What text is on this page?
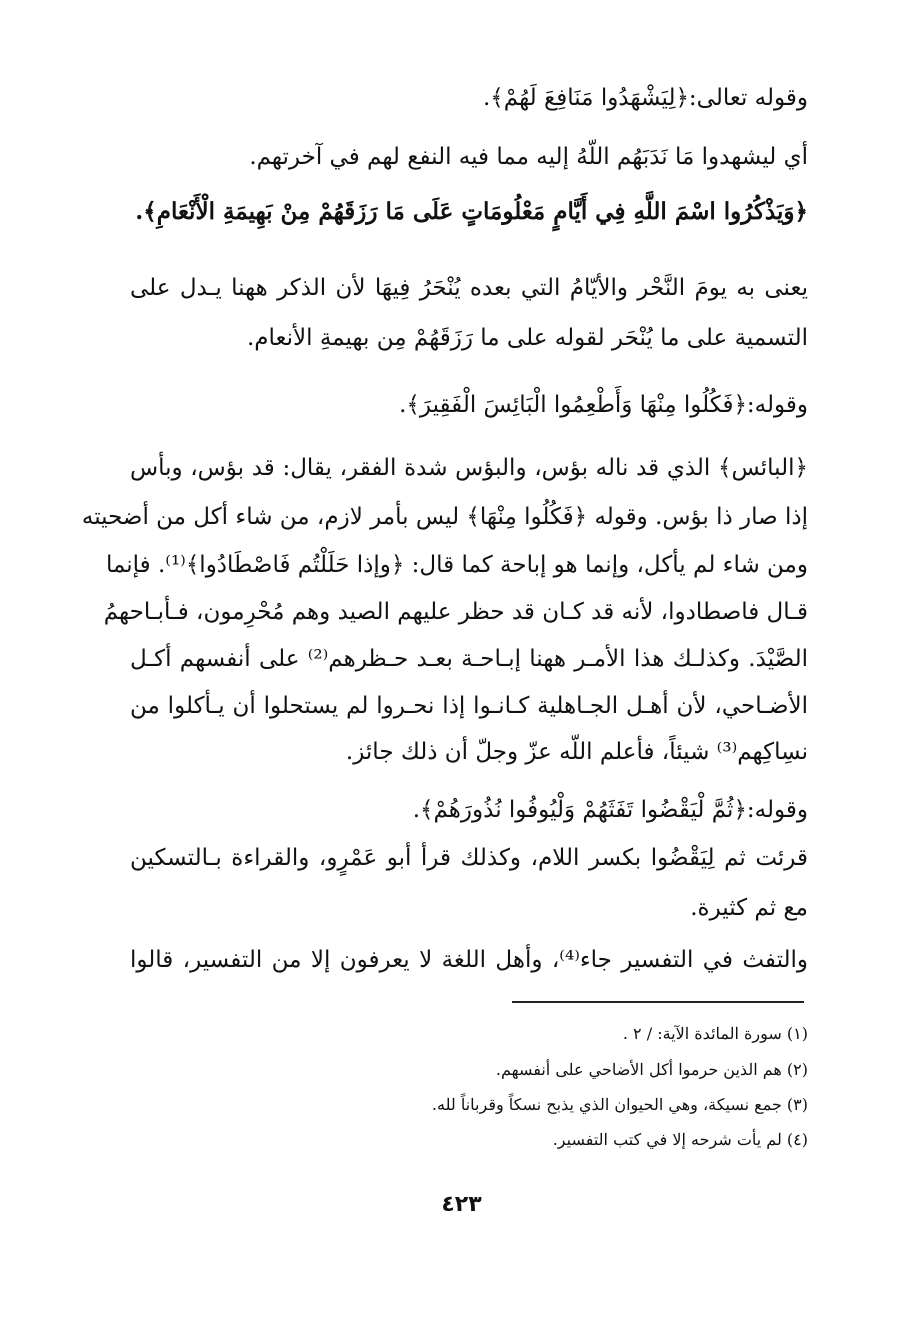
وقوله تعالى:﴿لِيَشْهَدُوا مَنَافِعَ لَهُمْ﴾.

أي ليشهدوا مَا نَدَبَهُم اللّهُ إليه مما فيه النفع لهم في آخرتهم.

﴿وَيَذْكُرُوا اسْمَ اللَّهِ فِي أَيَّامٍ مَعْلُومَاتٍ عَلَى مَا رَزَقَهُمْ مِنْ بَهِيمَةِ الْأَنْعَامِ﴾.

يعنى به يومَ النَّحْر والأيّامُ التي بعده يُنْحَرُ فِيهَا لأن الذكر ههنا يـدل على

التسمية على ما يُنْحَر لقوله على ما رَزَقَهُمْ مِن بهيمةِ الأنعام.

وقوله:﴿فَكُلُوا مِنْهَا وَأَطْعِمُوا الْبَائِسَ الْفَقِيرَ﴾.

﴿البائس﴾ الذي قد ناله بؤس، والبؤس شدة الفقر، يقال: قد بؤس، وبأس

إذا صار ذا بؤس. وقوله ﴿فَكُلُوا مِنْهَا﴾ ليس بأمر لازم، من شاء أكل من أضحيته

ومن شاء لم يأكل، وإنما هو إباحة كما قال: ﴿وإذا حَلَلْتُم فَاصْطَادُوا﴾⁽¹⁾. فإنما

قـال فاصطادوا، لأنه قد كـان قد حظر عليهم الصيد وهم مُحْرِمون، فـأبـاحهمُ

الصَّيْدَ. وكذلـك هذا الأمـر ههنا إبـاحـة بعـد حـظرهم⁽²⁾ على أنفسهم أكـل

الأضـاحي، لأن أهـل الجـاهلية كـانـوا إذا نحـروا لم يستحلوا أن يـأكلوا من

نسِاكِهم⁽³⁾ شيئاً، فأعلم اللّه عزّ وجلّ أن ذلك جائز.

وقوله:﴿ثُمَّ لْيَقْضُوا تَفَثَهُمْ وَلْيُوفُوا نُذُورَهُمْ﴾.

قرئت ثم لِيَقْضُوا بكسر اللام، وكذلك قرأ أبو عَمْرٍو، والقراءة بـالتسكين

مع ثم كثيرة.

والتفث في التفسير جاء⁽⁴⁾، وأهل اللغة لا يعرفون إلا من التفسير، قالوا

(١) سورة المائدة الآية: / ٢ .
(٢) هم الذين حرموا أكل الأضاحي على أنفسهم.
(٣) جمع نسيكة، وهي الحيوان الذي يذبح نسكاً وقرباناً لله.
(٤) لم يأت شرحه إلا في كتب التفسير.
٤٢٣
